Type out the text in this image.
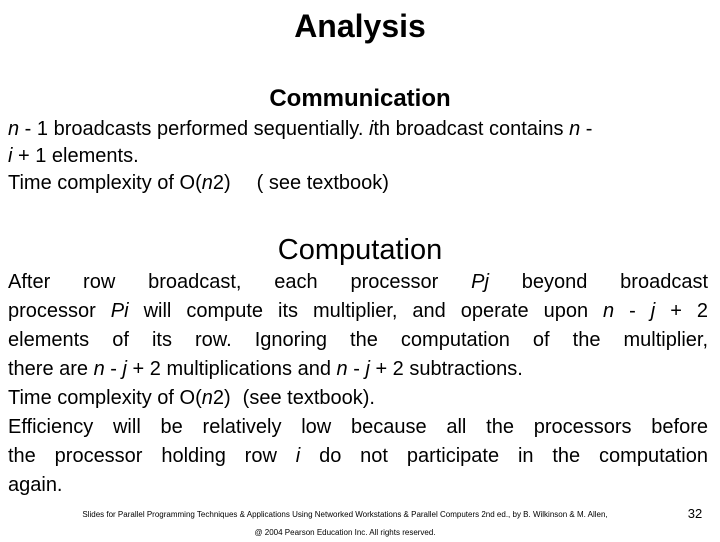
Analysis
Communication
n - 1 broadcasts performed sequentially. ith broadcast contains n -
i + 1 elements.
Time complexity of O(n2) ( see textbook)
Computation
After row broadcast, each processor Pj beyond broadcast
processor Pi will compute its multiplier, and operate upon n - j + 2
elements of its row. Ignoring the computation of the multiplier,
there are n - j + 2 multiplications and n - j + 2 subtractions.
Time complexity of O(n2) (see textbook).
Efficiency will be relatively low because all the processors before
the processor holding row i do not participate in the computation
again.
Slides for Parallel Programming Techniques & Applications Using Networked Workstations & Parallel Computers 2nd ed., by B. Wilkinson & M. Allen,
@ 2004 Pearson Education Inc. All rights reserved.
32
